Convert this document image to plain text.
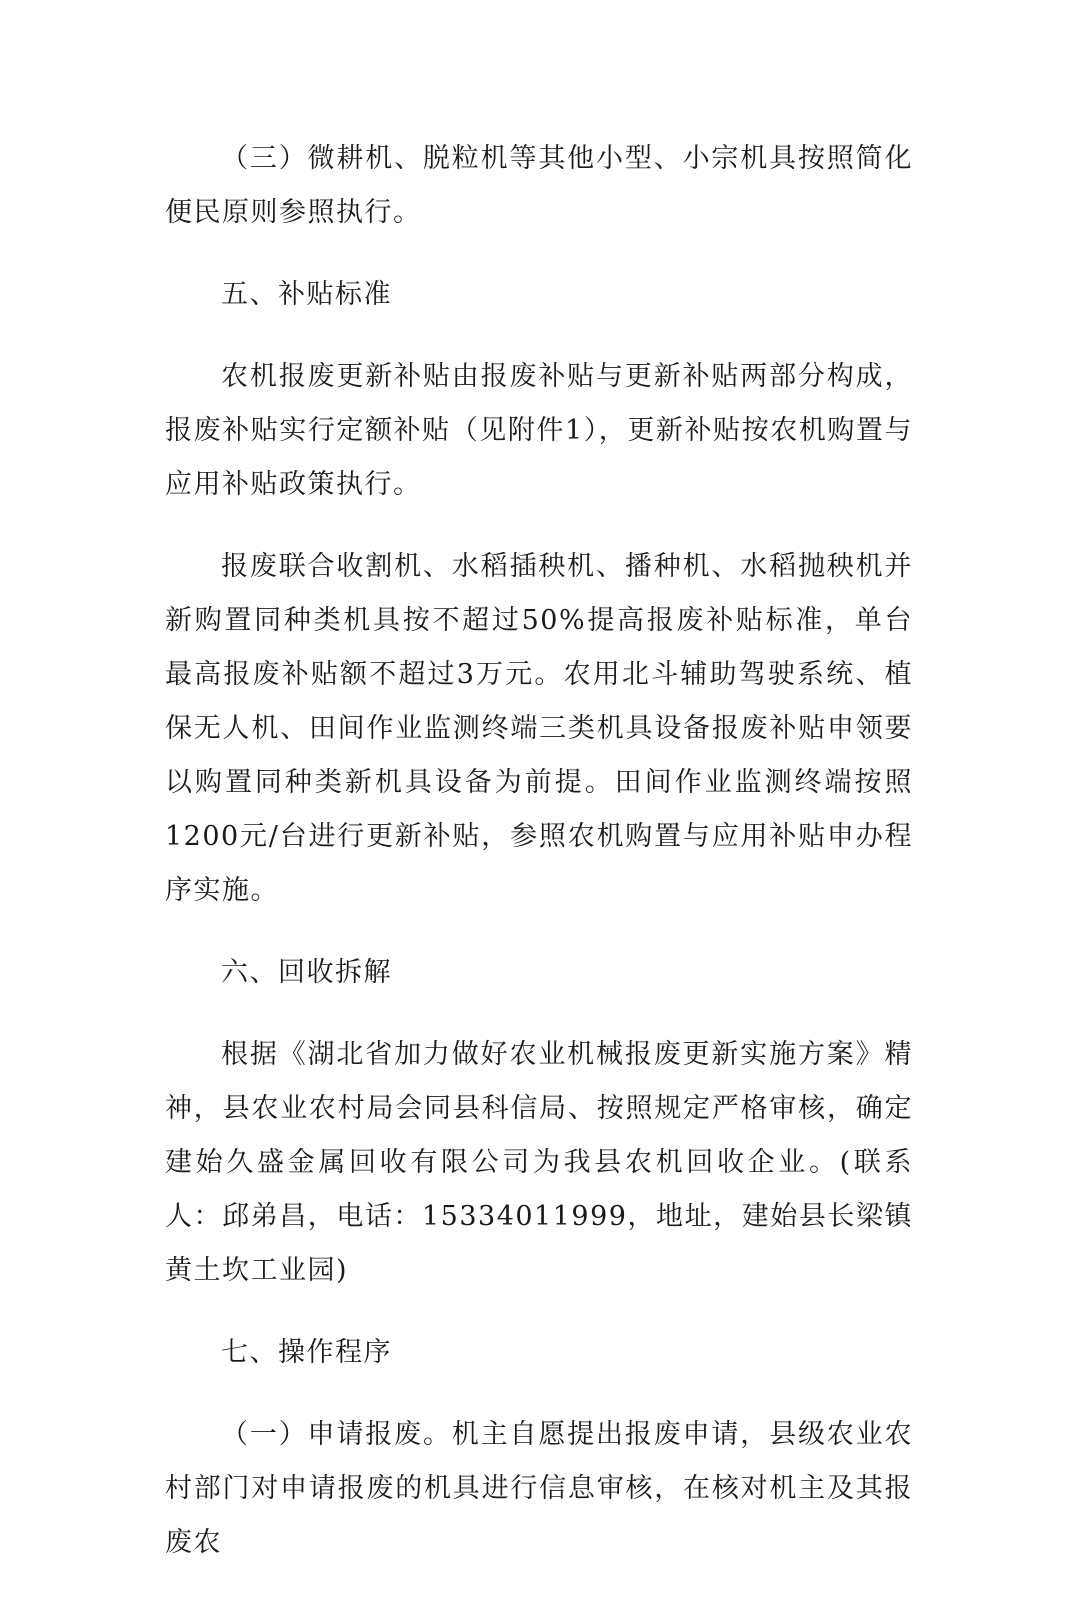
（三）微耕机、脱粒机等其他小型、小宗机具按照简化便民原则参照执行。

五、补贴标准

农机报废更新补贴由报废补贴与更新补贴两部分构成，报废补贴实行定额补贴（见附件1），更新补贴按农机购置与应用补贴政策执行。

报废联合收割机、水稻插秧机、播种机、水稻抛秧机并新购置同种类机具按不超过50%提高报废补贴标准，单台最高报废补贴额不超过3万元。农用北斗辅助驾驶系统、植保无人机、田间作业监测终端三类机具设备报废补贴申领要以购置同种类新机具设备为前提。田间作业监测终端按照1200元/台进行更新补贴，参照农机购置与应用补贴申办程序实施。

六、回收拆解

根据《湖北省加力做好农业机械报废更新实施方案》精神，县农业农村局会同县科信局、按照规定严格审核，确定建始久盛金属回收有限公司为我县农机回收企业。(联系人：邱弟昌，电话：15334011999，地址，建始县长梁镇黄土坎工业园)

七、操作程序

（一）申请报废。机主自愿提出报废申请，县级农业农村部门对申请报废的机具进行信息审核，在核对机主及其报废农
